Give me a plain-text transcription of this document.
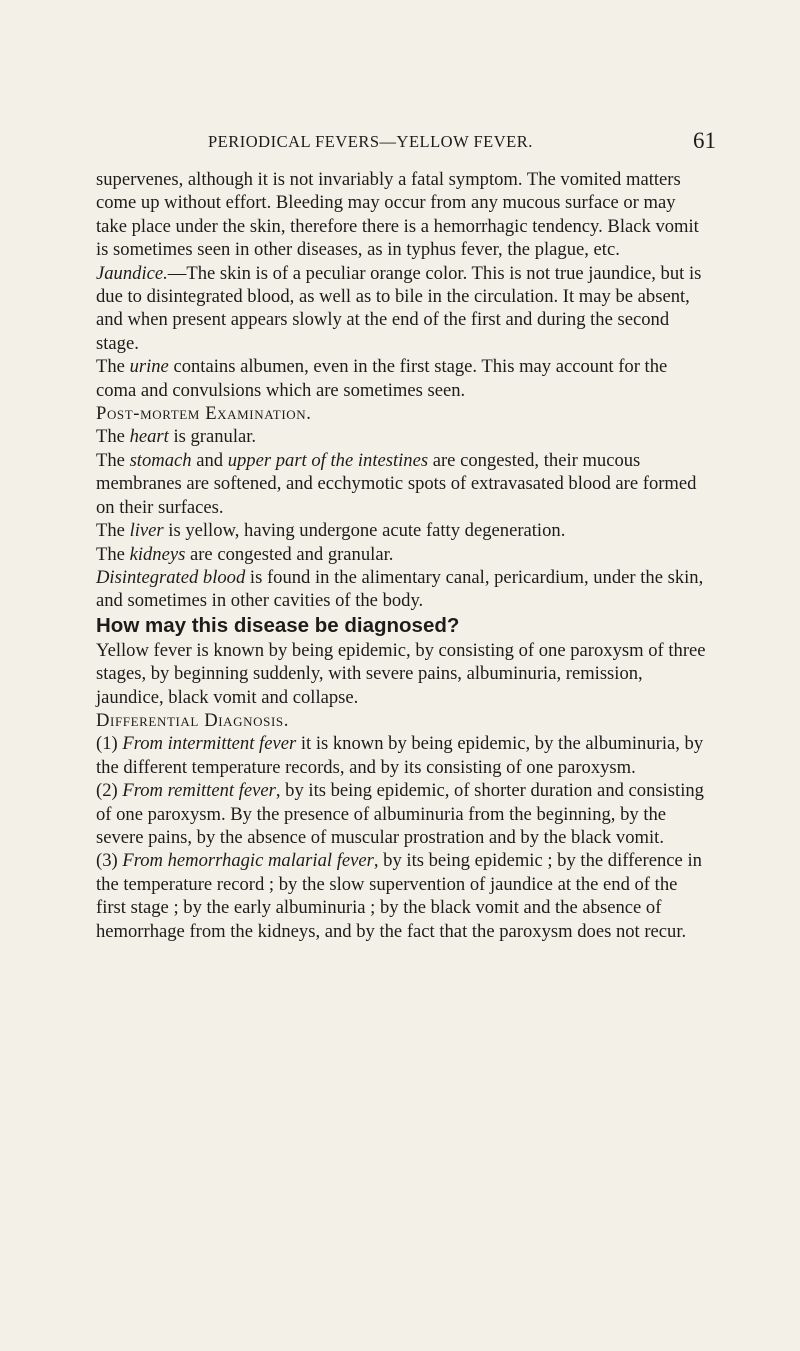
PERIODICAL FEVERS—YELLOW FEVER.	61

supervenes, although it is not invariably a fatal symptom. The vomited matters come up without effort. Bleeding may occur from any mucous surface or may take place under the skin, therefore there is a hemorrhagic tendency. Black vomit is sometimes seen in other diseases, as in typhus fever, the plague, etc.

Jaundice.—The skin is of a peculiar orange color. This is not true jaundice, but is due to disintegrated blood, as well as to bile in the circulation. It may be absent, and when present appears slowly at the end of the first and during the second stage.

The urine contains albumen, even in the first stage. This may account for the coma and convulsions which are sometimes seen.

Post-mortem Examination.

The heart is granular.

The stomach and upper part of the intestines are congested, their mucous membranes are softened, and ecchymotic spots of extravasated blood are formed on their surfaces.

The liver is yellow, having undergone acute fatty degeneration.

The kidneys are congested and granular.

Disintegrated blood is found in the alimentary canal, pericardium, under the skin, and sometimes in other cavities of the body.

How may this disease be diagnosed?

Yellow fever is known by being epidemic, by consisting of one paroxysm of three stages, by beginning suddenly, with severe pains, albuminuria, remission, jaundice, black vomit and collapse.

Differential Diagnosis.

(1) From intermittent fever it is known by being epidemic, by the albuminuria, by the different temperature records, and by its consisting of one paroxysm.

(2) From remittent fever, by its being epidemic, of shorter duration and consisting of one paroxysm. By the presence of albuminuria from the beginning, by the severe pains, by the absence of muscular prostration and by the black vomit.

(3) From hemorrhagic malarial fever, by its being epidemic ; by the difference in the temperature record ; by the slow supervention of jaundice at the end of the first stage ; by the early albuminuria ; by the black vomit and the absence of hemorrhage from the kidneys, and by the fact that the paroxysm does not recur.
